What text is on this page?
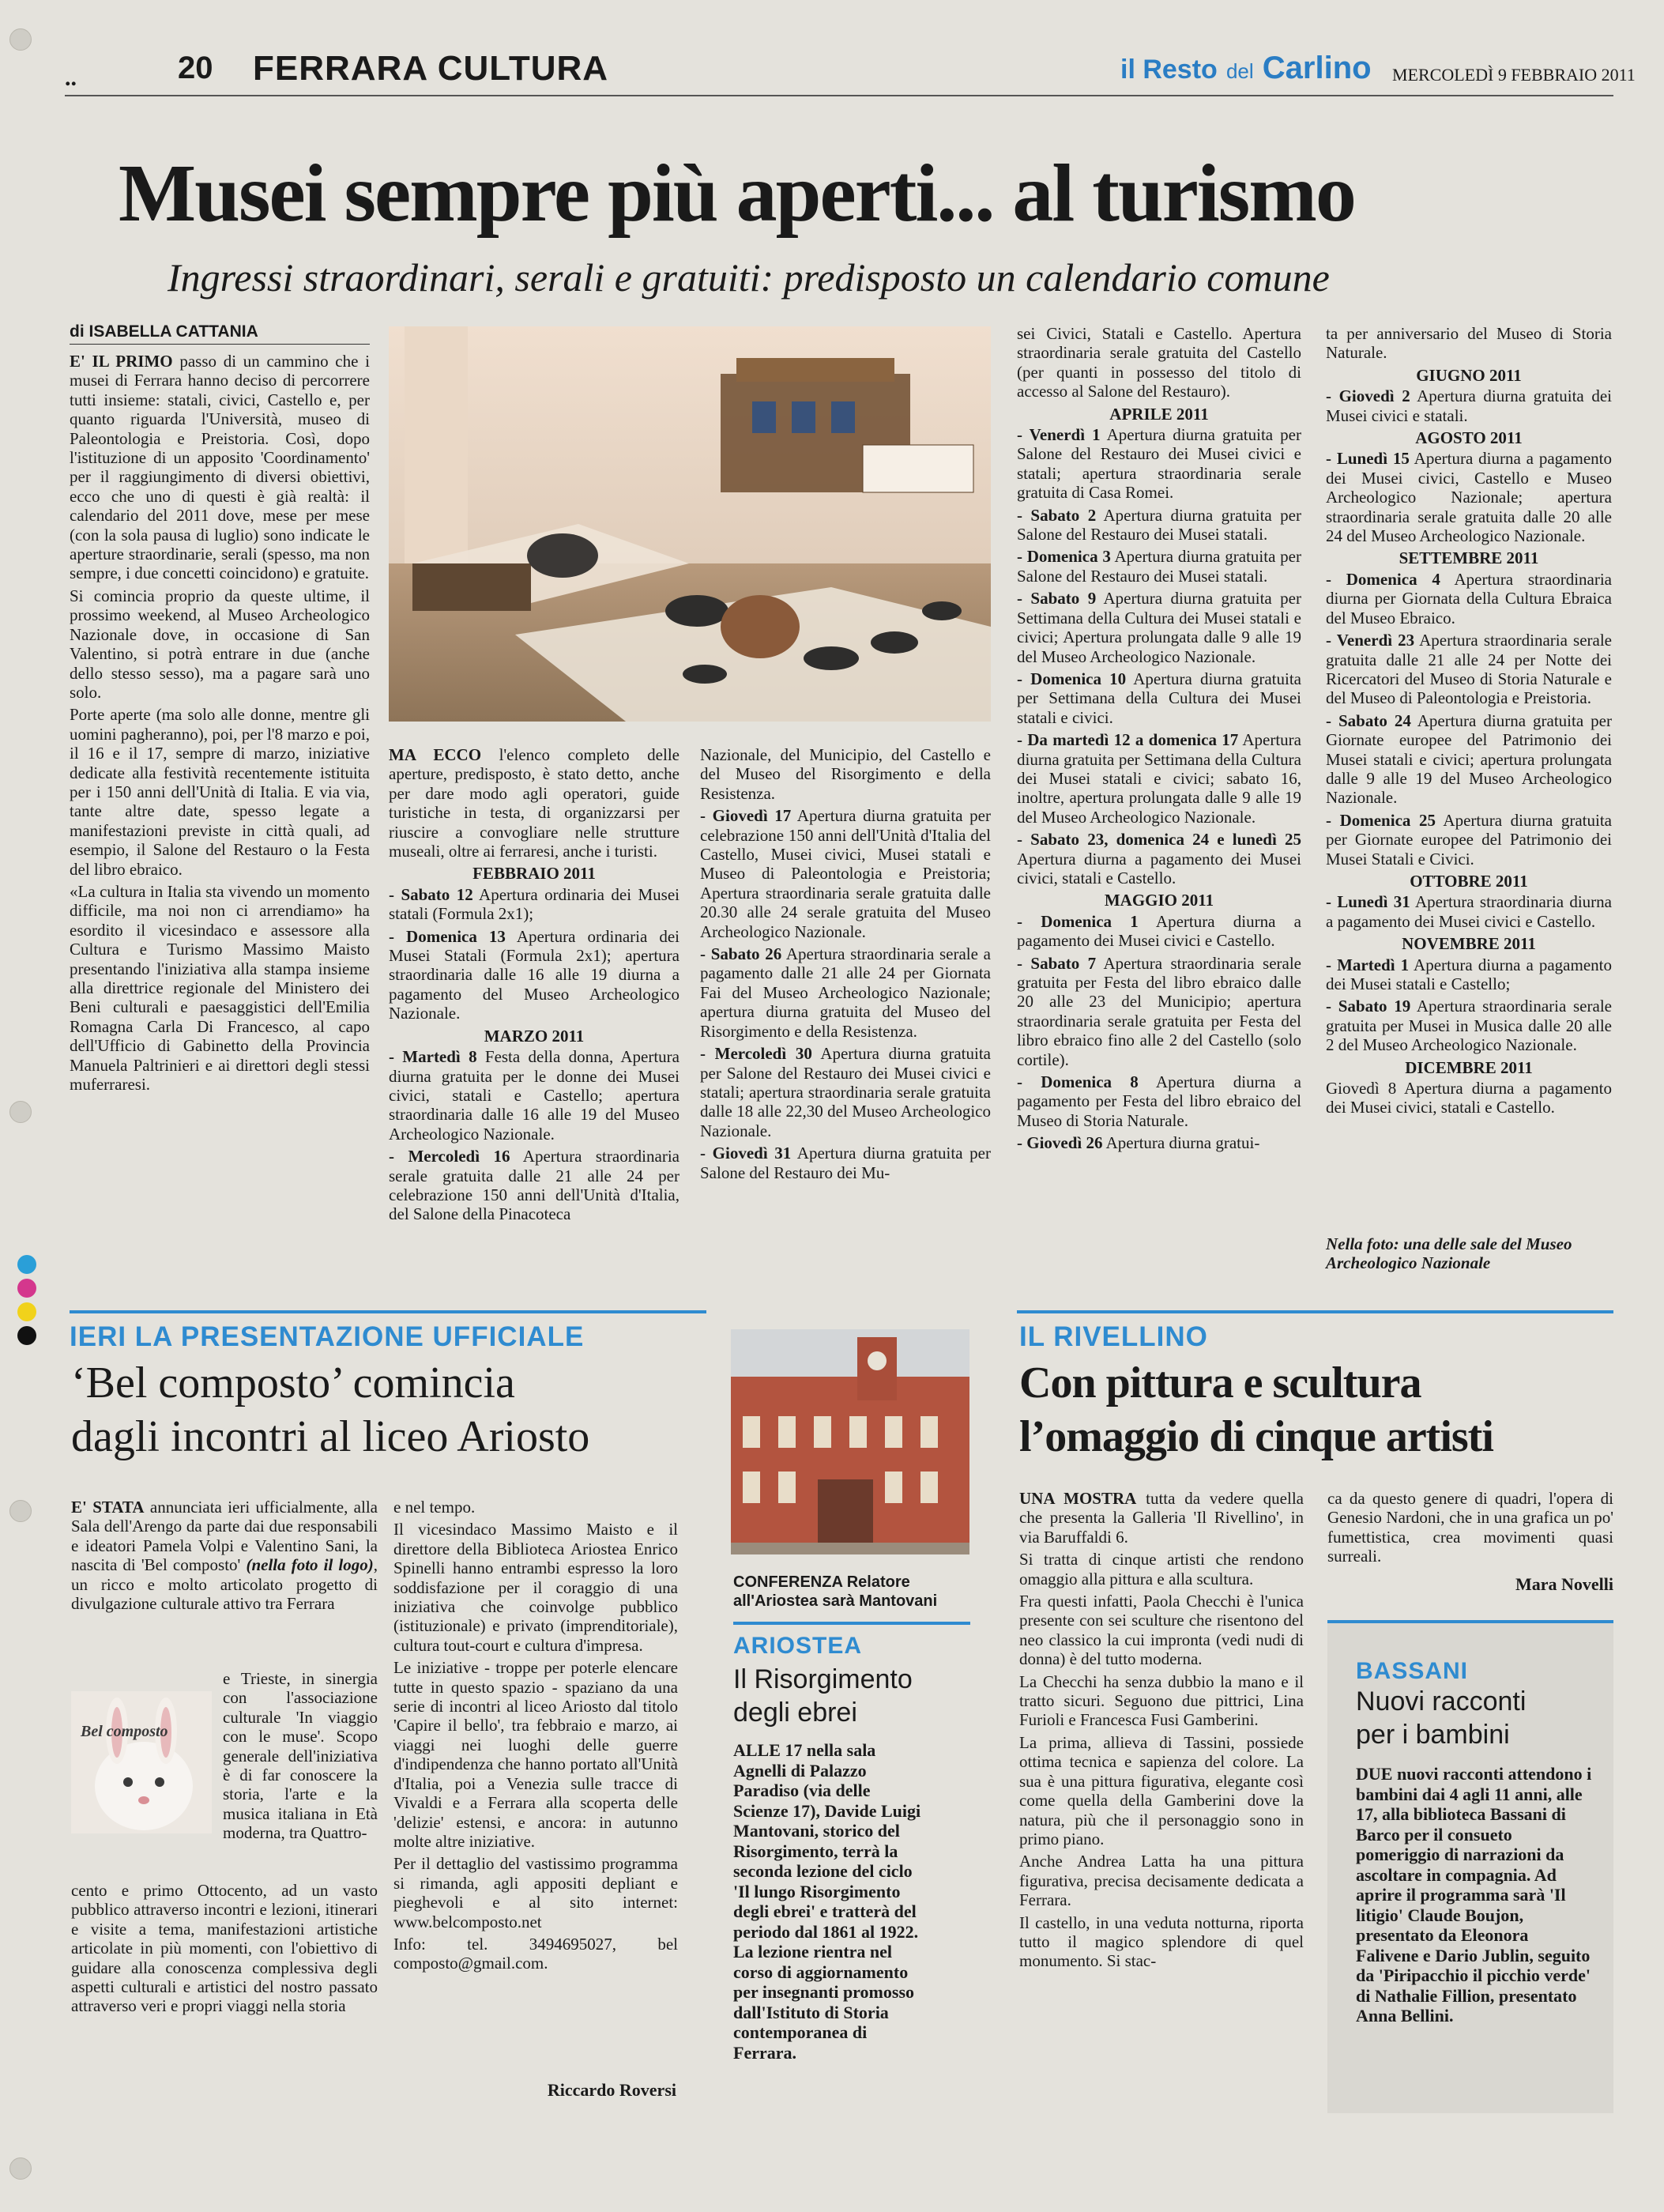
..	20 FERRARA CULTURA	il Resto del Carlino MERCOLEDÌ 9 FEBBRAIO 2011
Musei sempre più aperti... al turismo
Ingressi straordinari, serali e gratuiti: predisposto un calendario comune
di ISABELLA CATTANIA

E' IL PRIMO passo di un cammino che i musei di Ferrara hanno deciso di percorrere tutti insieme: statali, civici, Castello e, per quanto riguarda l'Università, museo di Paleontologia e Preistoria. Così, dopo l'istituzione di un apposito 'Coordinamento' per il raggiungimento di diversi obiettivi, ecco che uno di questi è già realtà: il calendario del 2011 dove, mese per mese (con la sola pausa di luglio) sono indicate le aperture straordinarie, serali (spesso, ma non sempre, i due concetti coincidono) e gratuite.

Si comincia proprio da queste ultime, il prossimo weekend, al Museo Archeologico Nazionale dove, in occasione di San Valentino, si potrà entrare in due (anche dello stesso sesso), ma a pagare sarà uno solo.

Porte aperte (ma solo alle donne, mentre gli uomini pagheranno), poi, per l'8 marzo e poi, il 16 e il 17, sempre di marzo, iniziative dedicate alla festività recentemente istituita per i 150 anni dell'Unità di Italia. E via via, tante altre date, spesso legate a manifestazioni previste in città quali, ad esempio, il Salone del Restauro o la Festa del libro ebraico.

«La cultura in Italia sta vivendo un momento difficile, ma noi non ci arrendiamo» ha esordito il vicesindaco e assessore alla Cultura e Turismo Massimo Maisto presentando l'iniziativa alla stampa insieme alla direttrice regionale del Ministero dei Beni culturali e paesaggistici dell'Emilia Romagna Carla Di Francesco, al capo dell'Ufficio di Gabinetto della Provincia Manuela Paltrinieri e ai direttori degli stessi muferraresi.

MA ECCO l'elenco completo delle aperture, predisposto, è stato detto, anche per dare modo agli operatori, guide turistiche in testa, di organizzarsi per riuscire a convogliare nelle strutture museali, oltre ai ferraresi, anche i turisti.

FEBBRAIO 2011

- Sabato 12 Apertura ordinaria dei Musei statali (Formula 2x1);

- Domenica 13 Apertura ordinaria dei Musei Statali (Formula 2x1); apertura straordinaria dalle 16 alle 19 diurna a pagamento del Museo Archeologico Nazionale.

MARZO 2011

- Martedì 8 Festa della donna, Apertura diurna gratuita per le donne dei Musei civici, statali e Castello; apertura straordinaria dalle 16 alle 19 del Museo Archeologico Nazionale.

- Mercoledì 16 Apertura straordinaria serale gratuita dalle 21 alle 24 per celebrazione 150 anni dell'Unità d'Italia, del Salone della Pinacoteca

Nazionale, del Municipio, del Castello e del Museo del Risorgimento e della Resistenza.

- Giovedì 17 Apertura diurna gratuita per celebrazione 150 anni dell'Unità d'Italia del Castello, Musei civici, Musei statali e Museo di Paleontologia e Preistoria; Apertura straordinaria serale gratuita dalle 20.30 alle 24 serale gratuita del Museo Archeologico Nazionale.

- Sabato 26 Apertura straordinaria serale a pagamento dalle 21 alle 24 per Giornata Fai del Museo Archeologico Nazionale; apertura diurna gratuita del Museo del Risorgimento e della Resistenza.

- Mercoledì 30 Apertura diurna gratuita per Salone del Restauro dei Musei civici e statali; apertura straordinaria serale gratuita dalle 18 alle 22,30 del Museo Archeologico Nazionale.

- Giovedì 31 Apertura diurna gratuita per Salone del Restauro dei Mu-

sei Civici, Statali e Castello. Apertura straordinaria serale gratuita del Castello (per quanti in possesso del titolo di accesso al Salone del Restauro).

APRILE 2011

- Venerdì 1 Apertura diurna gratuita per Salone del Restauro dei Musei civici e statali; apertura straordinaria serale gratuita di Casa Romei.

- Sabato 2 Apertura diurna gratuita per Salone del Restauro dei Musei statali.

- Domenica 3 Apertura diurna gratuita per Salone del Restauro dei Musei statali.

- Sabato 9 Apertura diurna gratuita per Settimana della Cultura dei Musei statali e civici; Apertura prolungata dalle 9 alle 19 del Museo Archeologico Nazionale.

- Domenica 10 Apertura diurna gratuita per Settimana della Cultura dei Musei statali e civici.

- Da martedì 12 a domenica 17 Apertura diurna gratuita per Settimana della Cultura dei Musei statali e civici; sabato 16, inoltre, apertura prolungata dalle 9 alle 19 del Museo Archeologico Nazionale.

- Sabato 23, domenica 24 e lunedì 25 Apertura diurna a pagamento dei Musei civici, statali e Castello.

MAGGIO 2011

- Domenica 1 Apertura diurna a pagamento dei Musei civici e Castello.

- Sabato 7 Apertura straordinaria serale gratuita per Festa del libro ebraico dalle 20 alle 23 del Municipio; apertura straordinaria serale gratuita per Festa del libro ebraico fino alle 2 del Castello (solo cortile).

- Domenica 8 Apertura diurna a pagamento per Festa del libro ebraico del Museo di Storia Naturale.

- Giovedì 26 Apertura diurna gratui-

ta per anniversario del Museo di Storia Naturale.

GIUGNO 2011

- Giovedì 2 Apertura diurna gratuita dei Musei civici e statali.

AGOSTO 2011

- Lunedì 15 Apertura diurna a pagamento dei Musei civici, Castello e Museo Archeologico Nazionale; apertura straordinaria serale gratuita dalle 20 alle 24 del Museo Archeologico Nazionale.

SETTEMBRE 2011

- Domenica 4 Apertura straordinaria diurna per Giornata della Cultura Ebraica del Museo Ebraico.

- Venerdì 23 Apertura straordinaria serale gratuita dalle 21 alle 24 per Notte dei Ricercatori del Museo di Storia Naturale e del Museo di Paleontologia e Preistoria.

- Sabato 24 Apertura diurna gratuita per Giornate europee del Patrimonio dei Musei statali e civici; apertura prolungata dalle 9 alle 19 del Museo Archeologico Nazionale.

- Domenica 25 Apertura diurna gratuita per Giornate europee del Patrimonio dei Musei Statali e Civici.

OTTOBRE 2011

- Lunedì 31 Apertura straordinaria diurna a pagamento dei Musei civici e Castello.

NOVEMBRE 2011

- Martedì 1 Apertura diurna a pagamento dei Musei statali e Castello;

- Sabato 19 Apertura straordinaria serale gratuita per Musei in Musica dalle 20 alle 2 del Museo Archeologico Nazionale.

DICEMBRE 2011

Giovedì 8 Apertura diurna a pagamento dei Musei civici, statali e Castello.

Nella foto: una delle sale del Museo Archeologico Nazionale
IERI LA PRESENTAZIONE UFFICIALE
‘Bel composto’ comincia
dagli incontri al liceo Ariosto

E' STATA annunciata ieri ufficialmente, alla Sala dell'Arengo da parte dai due responsabili e ideatori Pamela Volpi e Valentino Sani, la nascita di 'Bel composto' (nella foto il logo), un ricco e molto articolato progetto di divulgazione culturale attivo tra Ferrara

Bel composto

e Trieste, in sinergia con l'associazione culturale 'In viaggio con le muse'. Scopo generale dell'iniziativa è di far conoscere la storia, l'arte e la musica italiana in Età moderna, tra Quattro-

cento e primo Ottocento, ad un vasto pubblico attraverso incontri e lezioni, itinerari e visite a tema, manifestazioni artistiche articolate in più momenti, con l'obiettivo di guidare alla conoscenza complessiva degli aspetti culturali e artistici del nostro passato attraverso veri e propri viaggi nella storia

e nel tempo.

Il vicesindaco Massimo Maisto e il direttore della Biblioteca Ariostea Enrico Spinelli hanno entrambi espresso la loro soddisfazione per il coraggio di una iniziativa che coinvolge pubblico (istituzionale) e privato (imprenditoriale), cultura tout-court e cultura d'impresa.

Le iniziative - troppe per poterle elencare tutte in questo spazio - spaziano da una serie di incontri al liceo Ariosto dal titolo 'Capire il bello', tra febbraio e marzo, ai viaggi nei luoghi delle guerre d'indipendenza che hanno portato all'Unità d'Italia, poi a Venezia sulle tracce di Vivaldi e a Ferrara alla scoperta delle 'delizie' estensi, e ancora: in autunno molte altre iniziative.

Per il dettaglio del vastissimo programma si rimanda, agli appositi depliant e pieghevoli e al sito internet: www.belcomposto.net

Info: tel. 3494695027, bel composto@gmail.com.

Riccardo Roversi
CONFERENZA Relatore all'Ariostea sarà Mantovani
ARIOSTEA
Il Risorgimento
degli ebrei

ALLE 17 nella sala Agnelli di Palazzo Paradiso (via delle Scienze 17), Davide Luigi Mantovani, storico del Risorgimento, terrà la seconda lezione del ciclo 'Il lungo Risorgimento degli ebrei' e tratterà del periodo dal 1861 al 1922. La lezione rientra nel corso di aggiornamento per insegnanti promosso dall'Istituto di Storia contemporanea di Ferrara.

IL RIVELLINO
Con pittura e scultura
l’omaggio di cinque artisti

UNA MOSTRA tutta da vedere quella che presenta la Galleria 'Il Rivellino', in via Baruffaldi 6.

Si tratta di cinque artisti che rendono omaggio alla pittura e alla scultura.

Fra questi infatti, Paola Checchi è l'unica presente con sei sculture che risentono del neo classico la cui impronta (vedi nudi di donna) è del tutto moderna.

La Checchi ha senza dubbio la mano e il tratto sicuri. Seguono due pittrici, Lina Furioli e Francesca Fusi Gamberini.

La prima, allieva di Tassini, possiede ottima tecnica e sapienza del colore. La sua è una pittura figurativa, elegante così come quella della Gamberini dove la natura, più che il personaggio sono in primo piano.

Anche Andrea Latta ha una pittura figurativa, precisa decisamente dedicata a Ferrara.

Il castello, in una veduta notturna, riporta tutto il magico splendore di quel monumento. Si stac-

ca da questo genere di quadri, l'opera di Genesio Nardoni, che in una grafica un po' fumettistica, crea movimenti quasi surreali.

Mara Novelli
BASSANI
Nuovi racconti
per i bambini

DUE nuovi racconti attendono i bambini dai 4 agli 11 anni, alle 17, alla biblioteca Bassani di Barco per il consueto pomeriggio di narrazioni da ascoltare in compagnia. Ad aprire il programma sarà 'Il litigio' Claude Boujon, presentato da Eleonora Falivene e Dario Jublin, seguito da 'Piripacchio il picchio verde' di Nathalie Fillion, presentato Anna Bellini.
